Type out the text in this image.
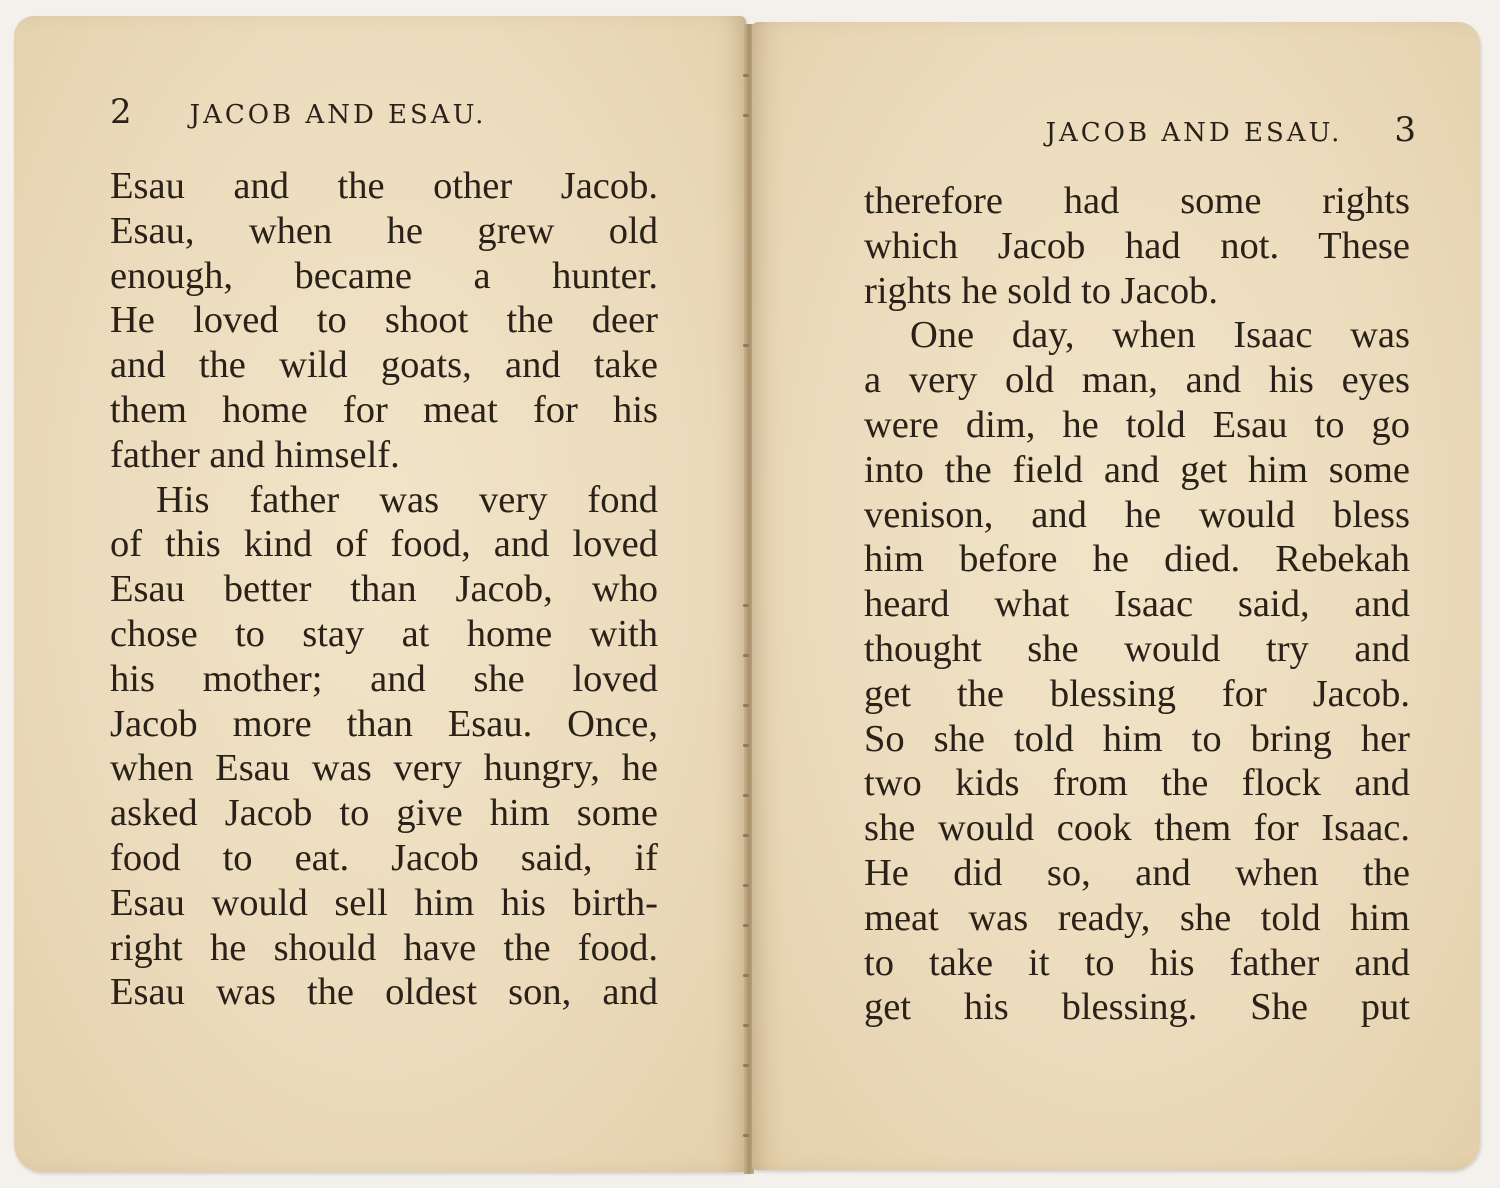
2 JACOB AND ESAU.
Esau and the other Jacob.
Esau, when he grew old
enough, became a hunter.
He loved to shoot the deer
and the wild goats, and take
them home for meat for his
father and himself.
His father was very fond
of this kind of food, and loved
Esau better than Jacob, who
chose to stay at home with
his mother; and she loved
Jacob more than Esau. Once,
when Esau was very hungry, he
asked Jacob to give him some
food to eat. Jacob said, if
Esau would sell him his birth-
right he should have the food.
Esau was the oldest son, and
JACOB AND ESAU. 3
therefore had some rights
which Jacob had not. These
rights he sold to Jacob.
One day, when Isaac was
a very old man, and his eyes
were dim, he told Esau to go
into the field and get him some
venison, and he would bless
him before he died. Rebekah
heard what Isaac said, and
thought she would try and
get the blessing for Jacob.
So she told him to bring her
two kids from the flock and
she would cook them for Isaac.
He did so, and when the
meat was ready, she told him
to take it to his father and
get his blessing. She put
